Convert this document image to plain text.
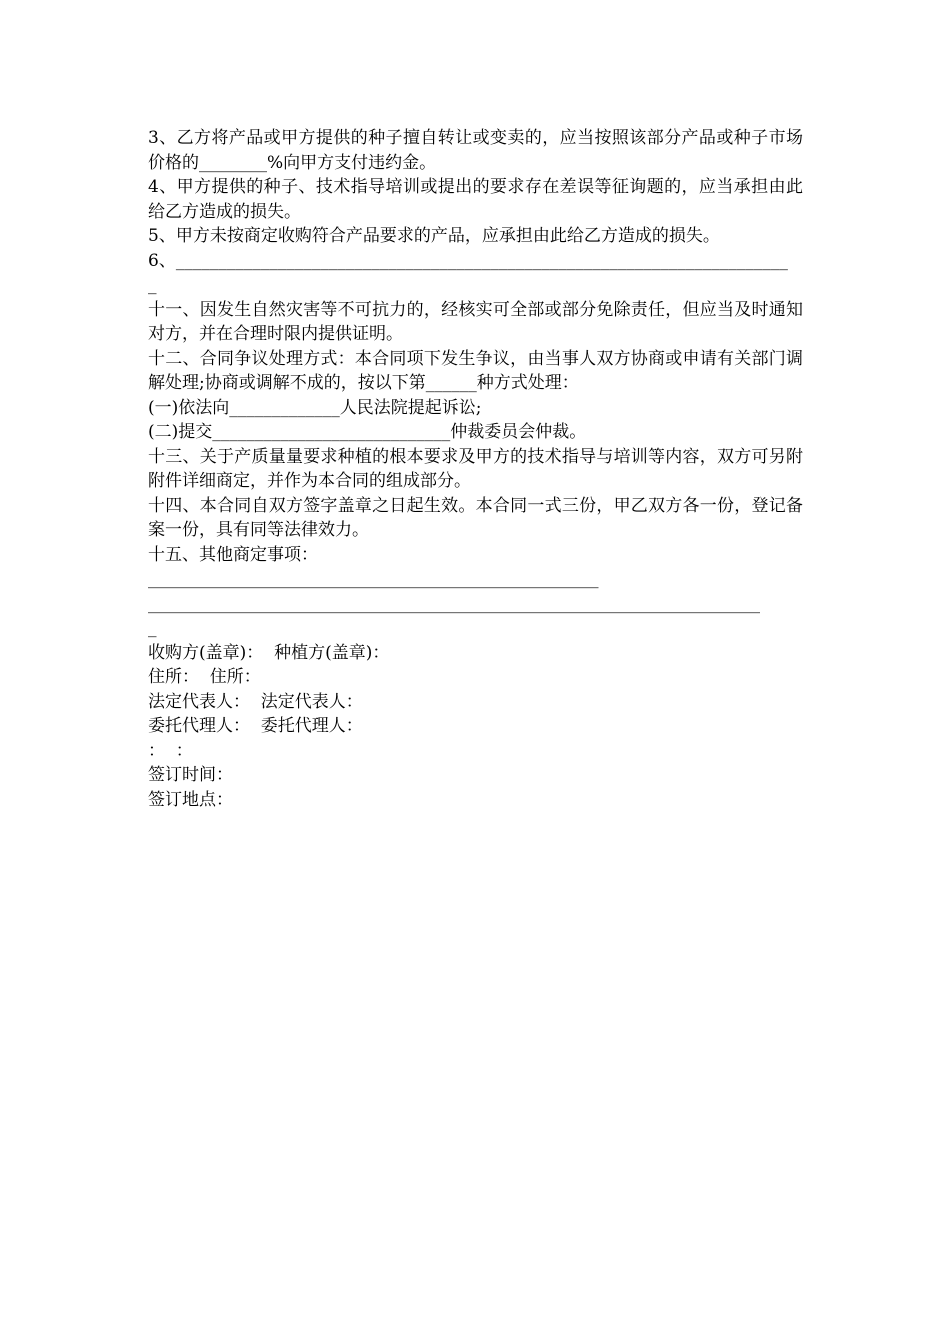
3、乙方将产品或甲方提供的种子擅自转让或变卖的，应当按照该部分产品或种子市场价格的________%向甲方支付违约金。
4、甲方提供的种子、技术指导培训或提出的要求存在差误等征询题的，应当承担由此给乙方造成的损失。
5、甲方未按商定收购符合产品要求的产品，应承担由此给乙方造成的损失。
6、________________________________________________________________________
_
十一、因发生自然灾害等不可抗力的，经核实可全部或部分免除责任，但应当及时通知对方，并在合理时限内提供证明。
十二、合同争议处理方式：本合同项下发生争议，由当事人双方协商或申请有关部门调解处理;协商或调解不成的，按以下第______种方式处理：
(一)依法向_____________人民法院提起诉讼;
(二)提交____________________________仲裁委员会仲裁。
十三、关于产质量量要求种植的根本要求及甲方的技术指导与培训等内容，双方可另附附件详细商定，并作为本合同的组成部分。
十四、本合同自双方签字盖章之日起生效。本合同一式三份，甲乙双方各一份，登记备案一份，具有同等法律效力。
十五、其他商定事项：
_____________________________________________________
________________________________________________________________________
_
收购方(盖章)：  种植方(盖章)：
住所：  住所：
法定代表人：  法定代表人：
委托代理人：  委托代理人：
：  ：
签订时间：
签订地点：
